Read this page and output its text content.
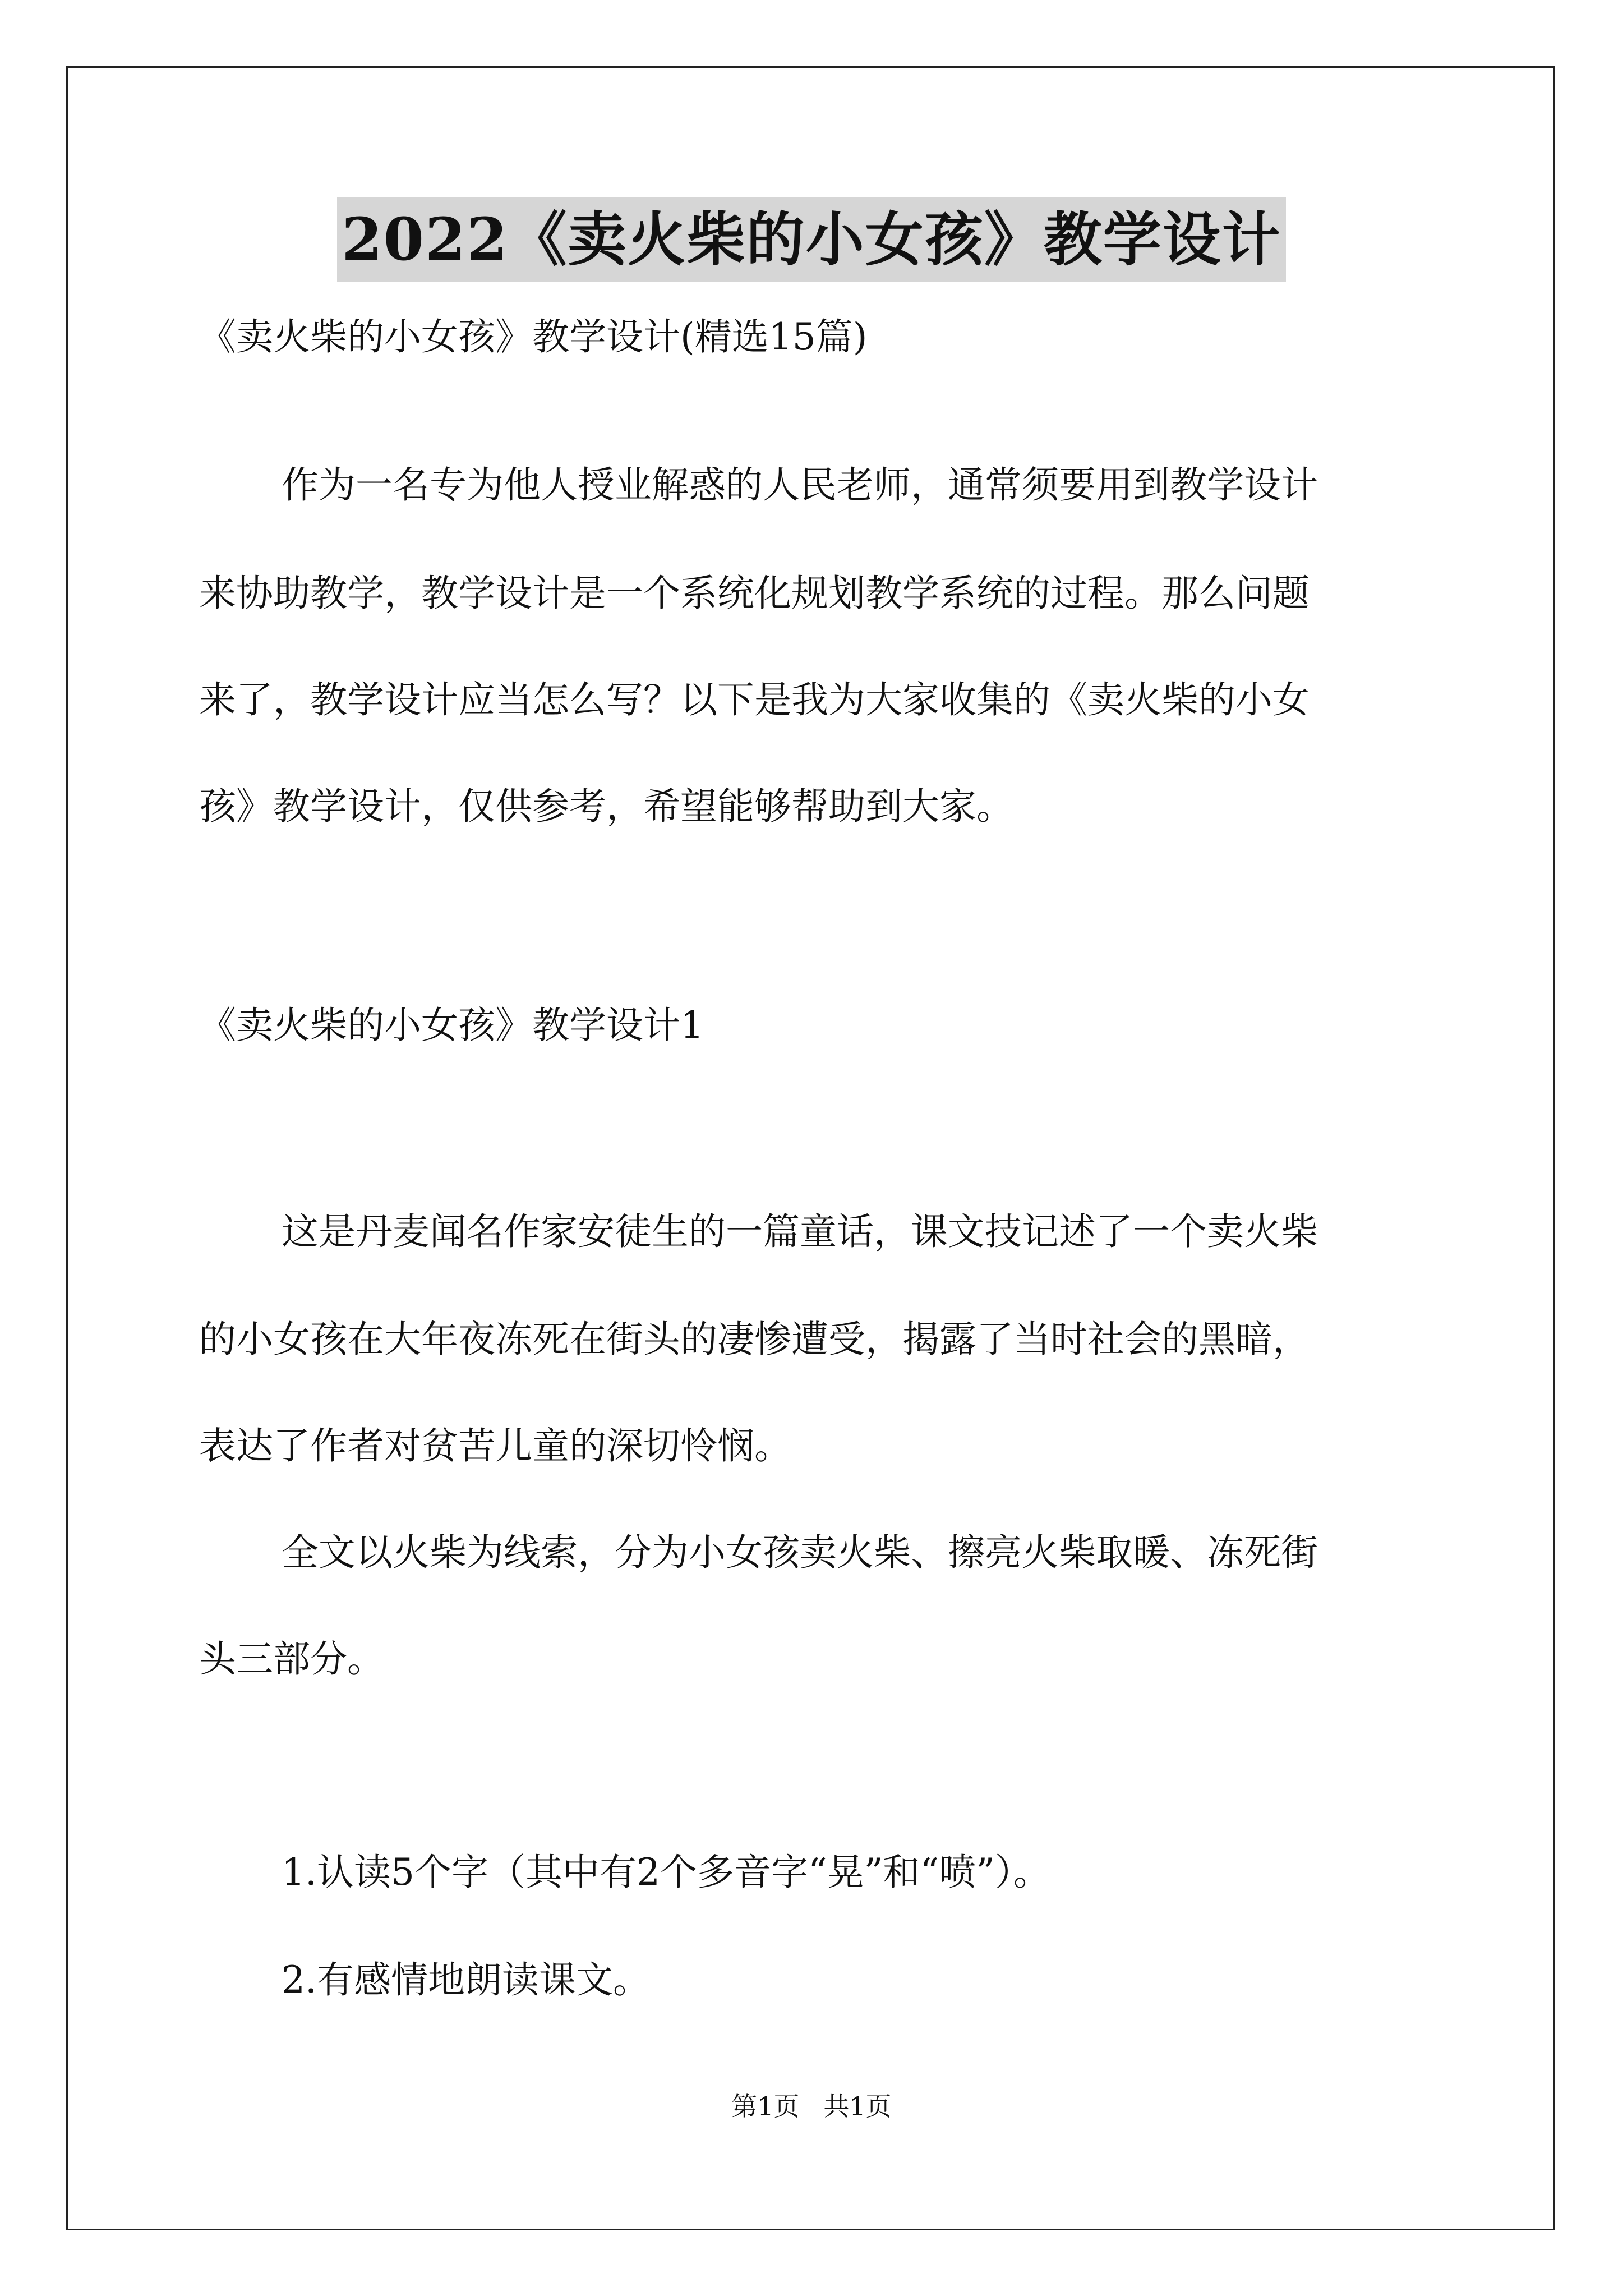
2022《卖火柴的小女孩》教学设计
《卖火柴的小女孩》教学设计(精选15篇)
作为一名专为他人授业解惑的人民老师，通常须要用到教学设计
来协助教学，教学设计是一个系统化规划教学系统的过程。那么问题
来了，教学设计应当怎么写？以下是我为大家收集的《卖火柴的小女
孩》教学设计，仅供参考，希望能够帮助到大家。
《卖火柴的小女孩》教学设计1
这是丹麦闻名作家安徒生的一篇童话，课文技记述了一个卖火柴
的小女孩在大年夜冻死在街头的凄惨遭受，揭露了当时社会的黑暗，
表达了作者对贫苦儿童的深切怜悯。
全文以火柴为线索，分为小女孩卖火柴、擦亮火柴取暖、冻死街
头三部分。
1.认读5个字（其中有2个多音字“晃”和“喷”）。
2.有感情地朗读课文。
第1页 共1页
